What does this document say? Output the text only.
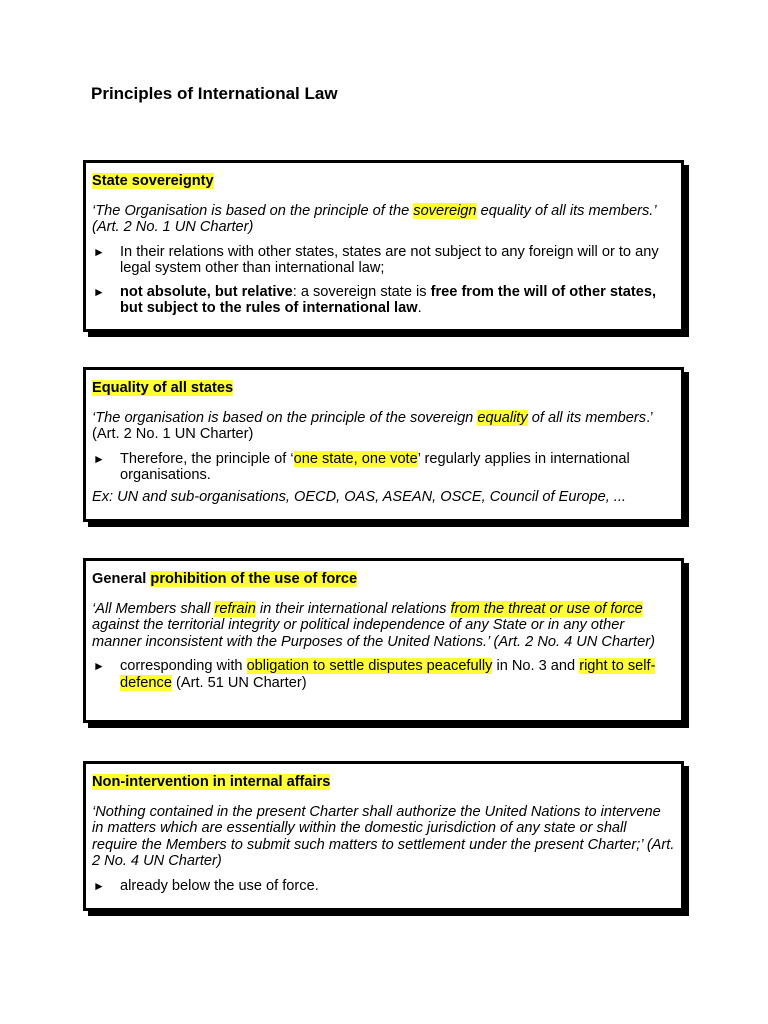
Principles of International Law

State sovereignty

‘The Organisation is based on the principle of the sovereign equality of all its members.’ (Art. 2 No. 1 UN Charter)

► In their relations with other states, states are not subject to any foreign will or to any legal system other than international law;
► not absolute, but relative: a sovereign state is free from the will of other states, but subject to the rules of international law.

Equality of all states

‘The organisation is based on the principle of the sovereign equality of all its members.’ (Art. 2 No. 1 UN Charter)

► Therefore, the principle of ‘one state, one vote’ regularly applies in international organisations.

Ex: UN and sub-organisations, OECD, OAS, ASEAN, OSCE, Council of Europe, ...

General prohibition of the use of force

‘All Members shall refrain in their international relations from the threat or use of force against the territorial integrity or political independence of any State or in any other manner inconsistent with the Purposes of the United Nations.’ (Art. 2 No. 4 UN Charter)

► corresponding with obligation to settle disputes peacefully in No. 3 and right to self-defence (Art. 51 UN Charter)

Non-intervention in internal affairs

‘Nothing contained in the present Charter shall authorize the United Nations to intervene in matters which are essentially within the domestic jurisdiction of any state or shall require the Members to submit such matters to settlement under the present Charter;’ (Art. 2 No. 4 UN Charter)

► already below the use of force.
